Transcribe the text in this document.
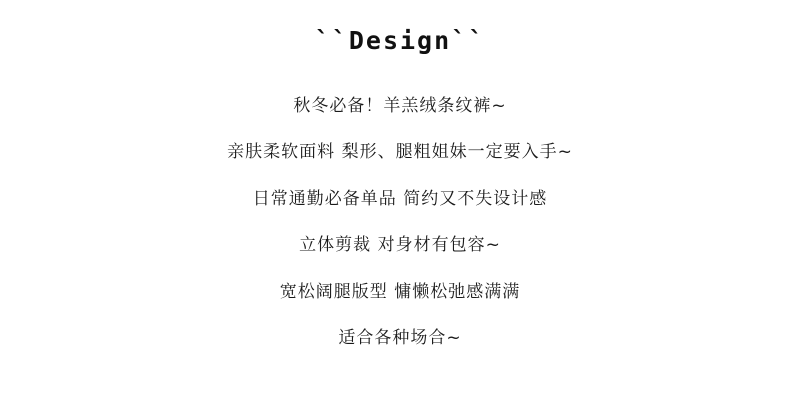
``Design``
秋冬必备！羊羔绒条纹裤~
亲肤柔软面料 梨形、腿粗姐妹一定要入手~
日常通勤必备单品 简约又不失设计感
立体剪裁 对身材有包容~
宽松阔腿版型 慵懒松弛感满满
适合各种场合~
